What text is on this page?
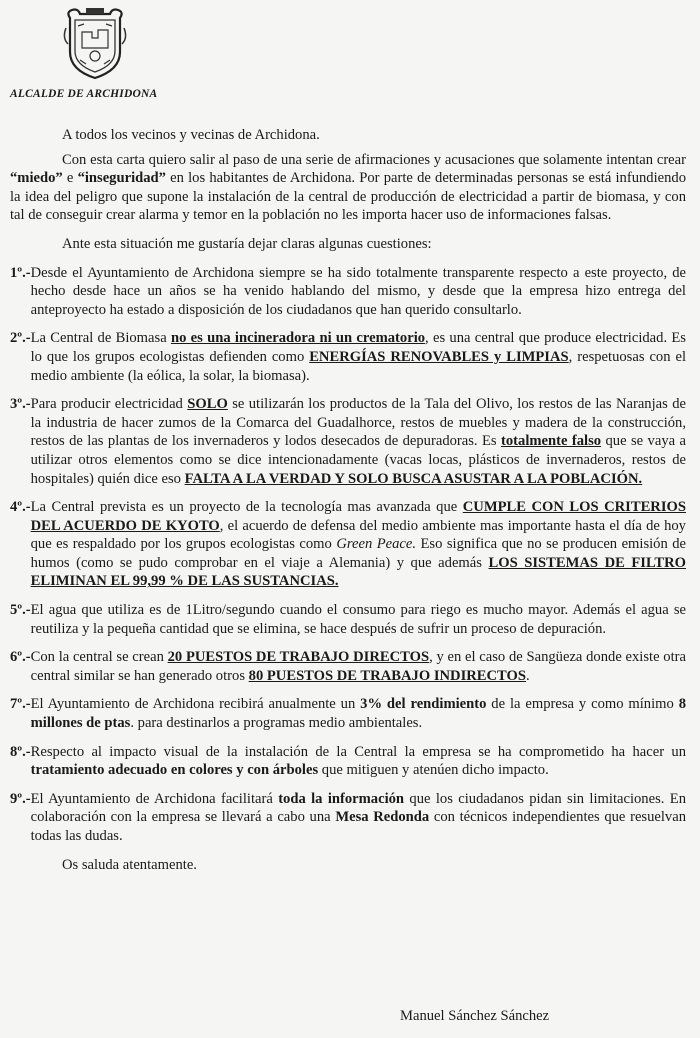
ALCALDE DE ARCHIDONA

A todos los vecinos y vecinas de Archidona.

Con esta carta quiero salir al paso de una serie de afirmaciones y acusaciones que solamente intentan crear “miedo” e “inseguridad” en los habitantes de Archidona. Por parte de determinadas personas se está infundiendo la idea del peligro que supone la instalación de la central de producción de electricidad a partir de biomasa, y con tal de conseguir crear alarma y temor en la población no les importa hacer uso de informaciones falsas.

Ante esta situación me gustaría dejar claras algunas cuestiones:

1º.- Desde el Ayuntamiento de Archidona siempre se ha sido totalmente transparente respecto a este proyecto, de hecho desde hace un años se ha venido hablando del mismo, y desde que la empresa hizo entrega del anteproyecto ha estado a disposición de los ciudadanos que han querido consultarlo.
2º.- La Central de Biomasa no es una incineradora ni un crematorio, es una central que produce electricidad. Es lo que los grupos ecologistas defienden como ENERGÍAS RENOVABLES y LIMPIAS, respetuosas con el medio ambiente (la eólica, la solar, la biomasa).
3º.- Para producir electricidad SOLO se utilizarán los productos de la Tala del Olivo, los restos de las Naranjas de la industria de hacer zumos de la Comarca del Guadalhorce, restos de muebles y madera de la construcción, restos de las plantas de los invernaderos y lodos desecados de depuradoras. Es totalmente falso que se vaya a utilizar otros elementos como se dice intencionadamente (vacas locas, plásticos de invernaderos, restos de hospitales) quién dice eso FALTA A LA VERDAD Y SOLO BUSCA ASUSTAR A LA POBLACIÓN.
4º.- La Central prevista es un proyecto de la tecnología mas avanzada que CUMPLE CON LOS CRITERIOS DEL ACUERDO DE KYOTO, el acuerdo de defensa del medio ambiente mas importante hasta el día de hoy que es respaldado por los grupos ecologistas como Green Peace. Eso significa que no se producen emisión de humos (como se pudo comprobar en el viaje a Alemania) y que además LOS SISTEMAS DE FILTRO ELIMINAN EL 99,99 % DE LAS SUSTANCIAS.
5º.- El agua que utiliza es de 1Litro/segundo cuando el consumo para riego es mucho mayor. Además el agua se reutiliza y la pequeña cantidad que se elimina, se hace después de sufrir un proceso de depuración.
6º.- Con la central se crean 20 PUESTOS DE TRABAJO DIRECTOS, y en el caso de Sangüeza donde existe otra central similar se han generado otros 80 PUESTOS DE TRABAJO INDIRECTOS.
7º.- El Ayuntamiento de Archidona recibirá anualmente un 3% del rendimiento de la empresa y como mínimo 8 millones de ptas. para destinarlos a programas medio ambientales.
8º.- Respecto al impacto visual de la instalación de la Central la empresa se ha comprometido ha hacer un tratamiento adecuado en colores y con árboles que mitiguen y atenúen dicho impacto.
9º.- El Ayuntamiento de Archidona facilitará toda la información que los ciudadanos pidan sin limitaciones. En colaboración con la empresa se llevará a cabo una Mesa Redonda con técnicos independientes que resuelvan todas las dudas.

Os saluda atentamente.

Manuel Sánchez Sánchez
